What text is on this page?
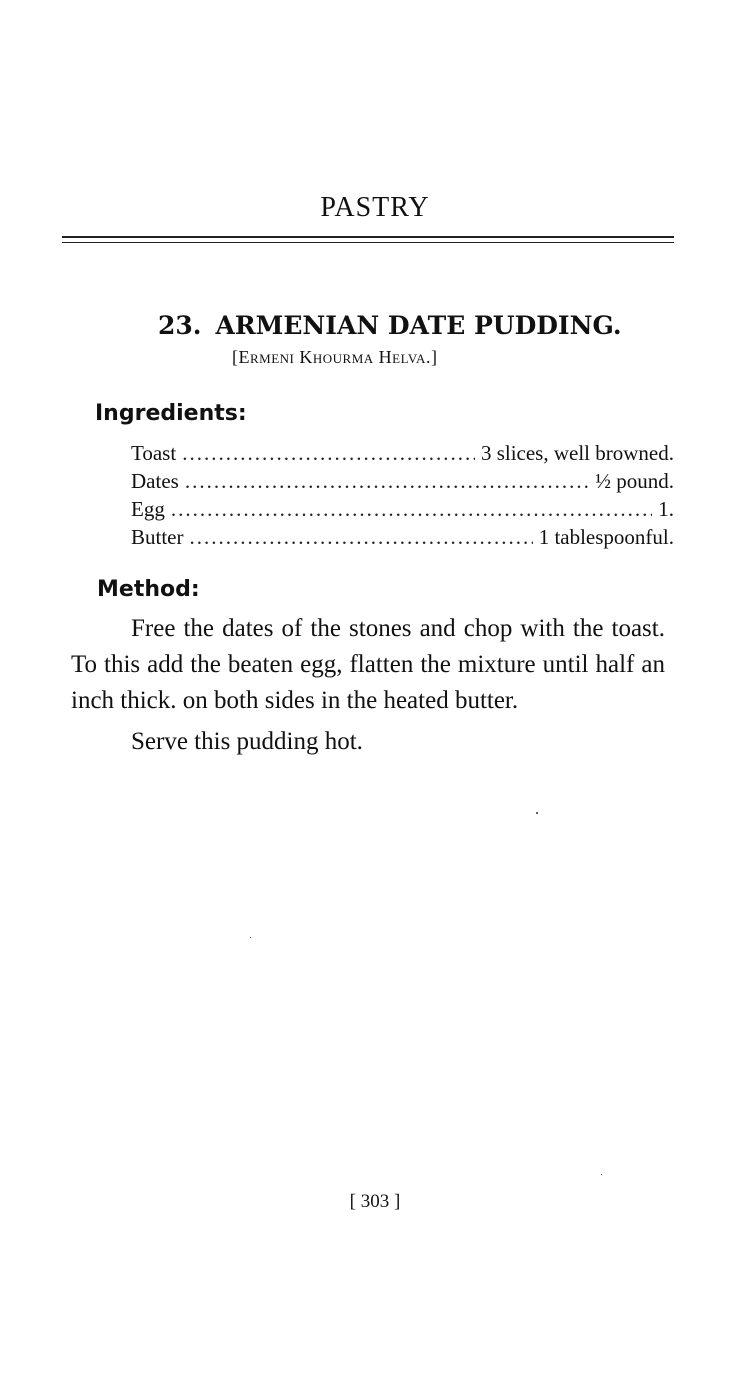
PASTRY
23. ARMENIAN DATE PUDDING.
[Ermeni Khourma Helva.]
Ingredients:
Toast .....	3 slices, well browned.
Dates .....	½ pound.
Egg .....	1.
Butter .....	1 tablespoonful.
Method:

Free the dates of the stones and chop with the toast. To this add the beaten egg, flatten the mixture until half an inch thick. on both sides in the heated butter.

Serve this pudding hot.

[ 303 ]
